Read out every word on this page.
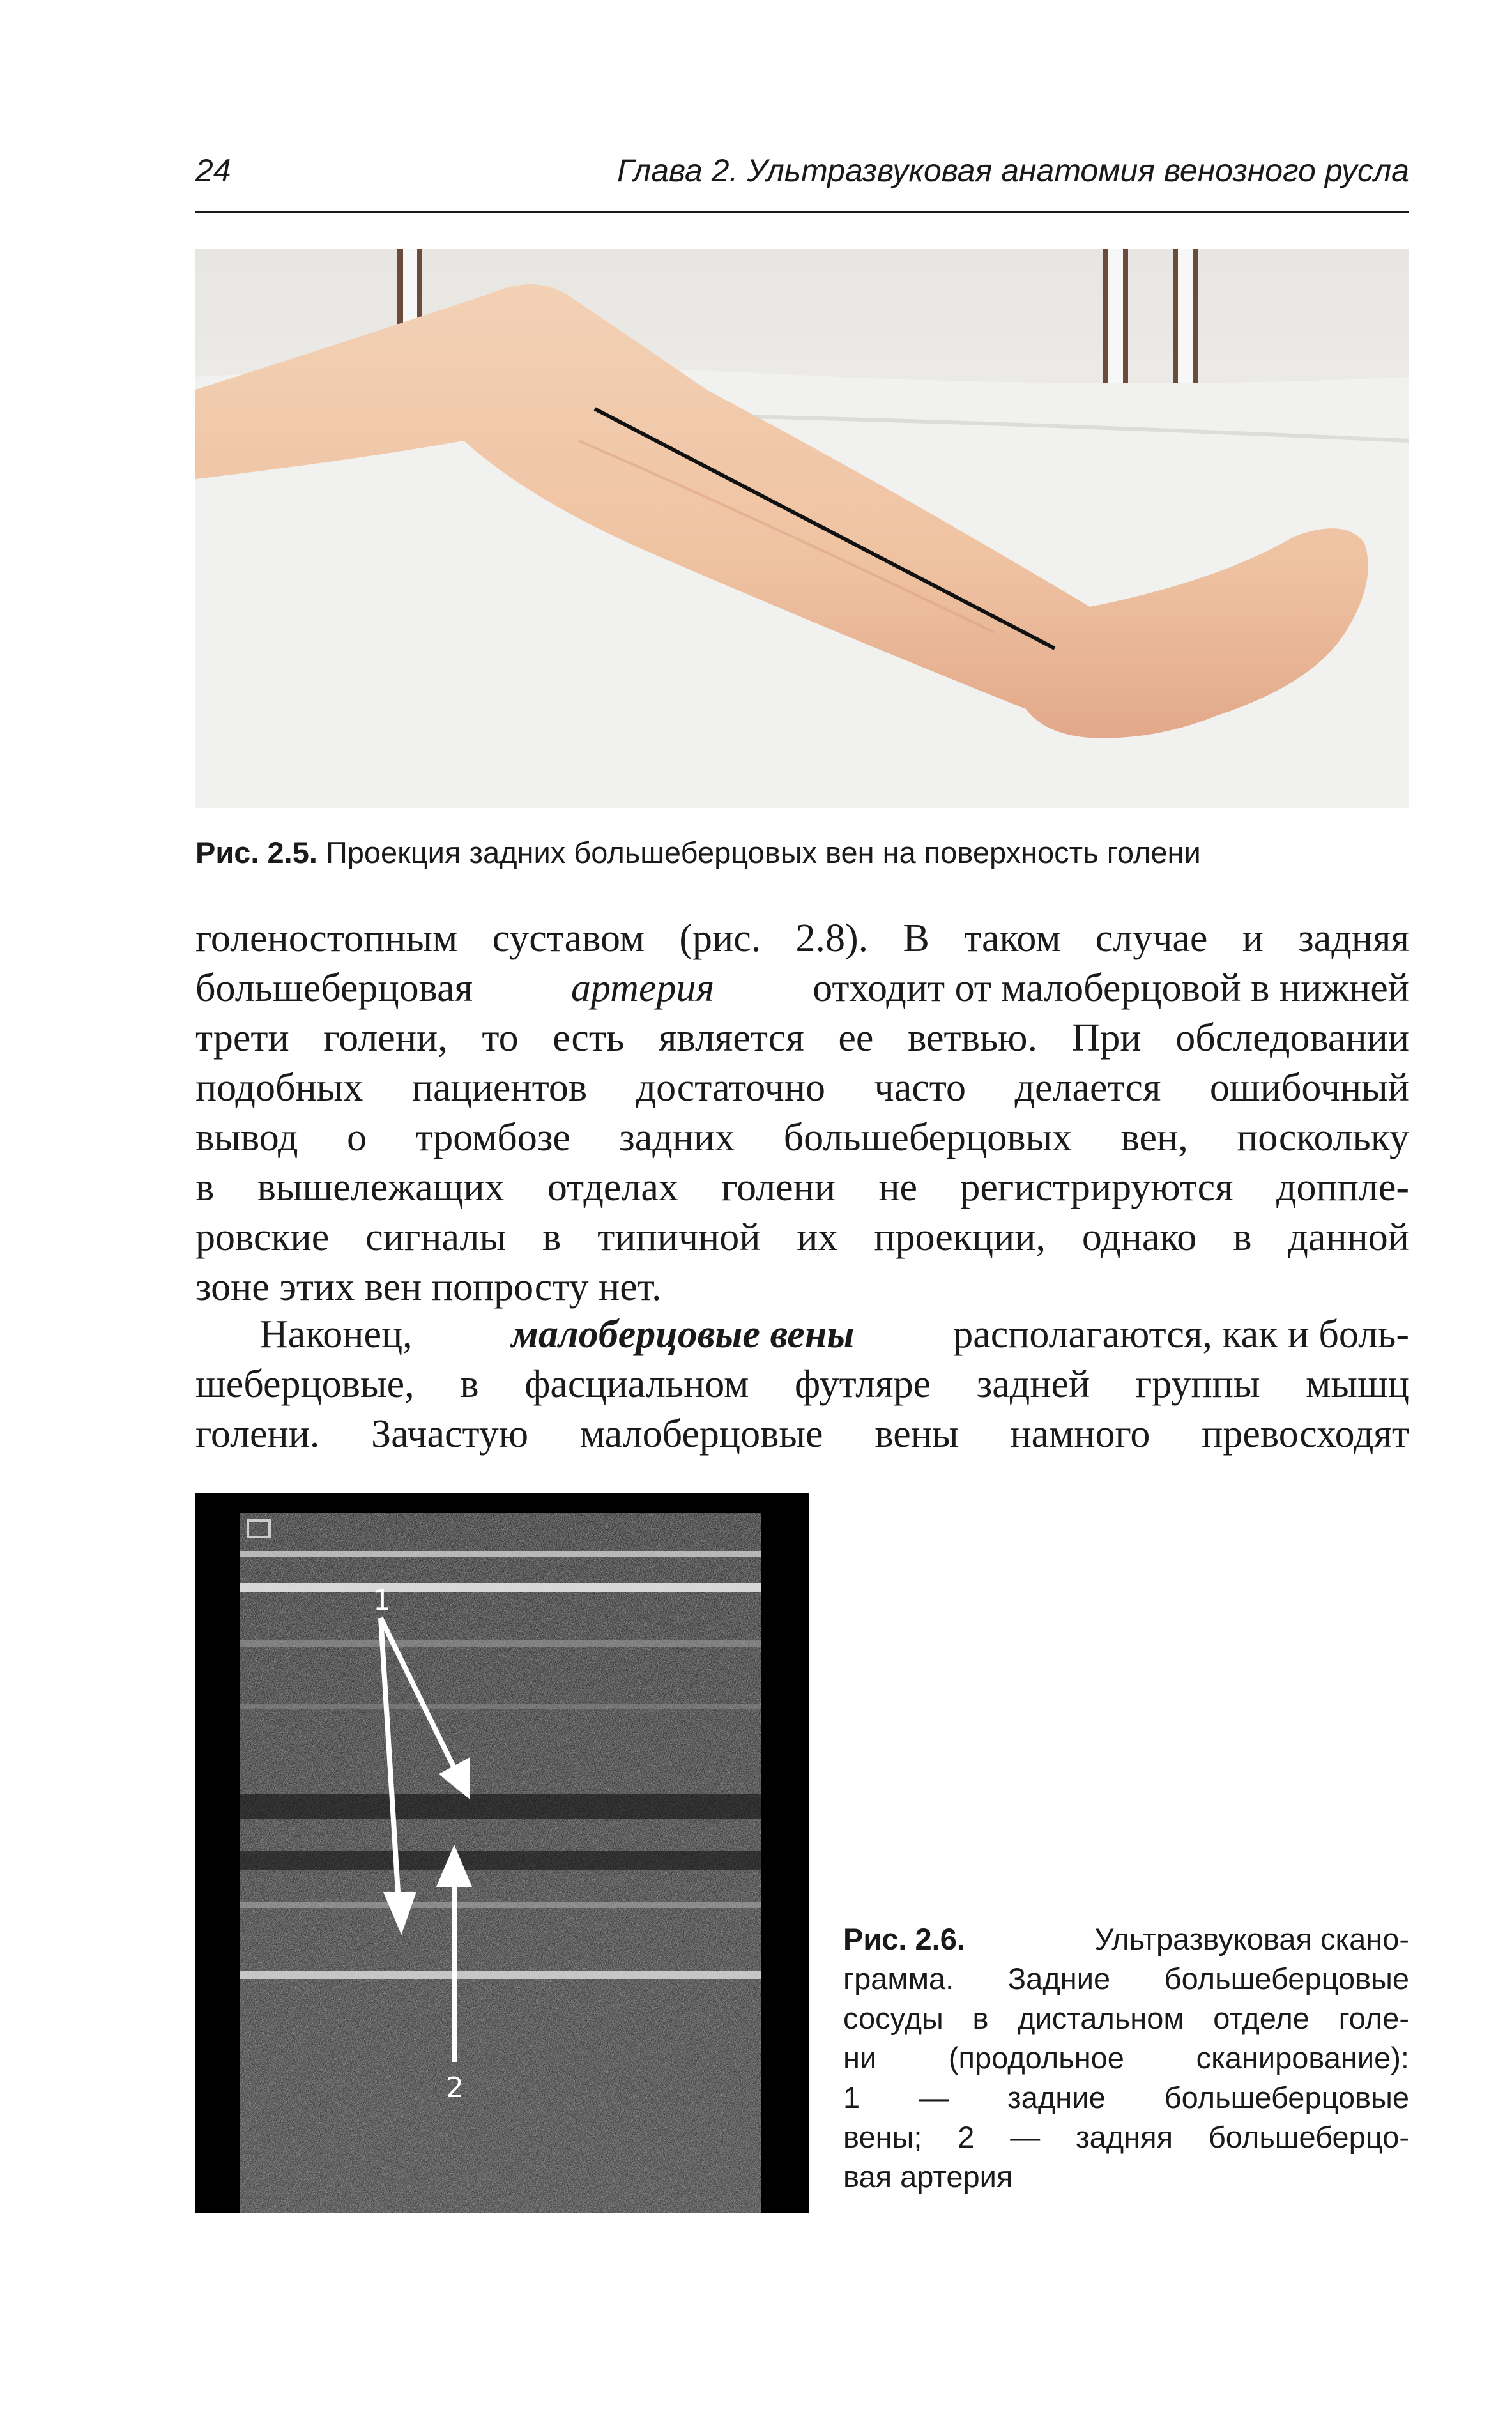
24	Глава 2. Ультразвуковая анатомия венозного русла
Рис. 2.5. Проекция задних большеберцовых вен на поверхность голени
голеностопным суставом (рис. 2.8). В таком случае и задняя
большеберцовая артерия отходит от малоберцовой в нижней
трети голени, то есть является ее ветвью. При обследовании
подобных пациентов достаточно часто делается ошибочный
вывод о тромбозе задних большеберцовых вен, поскольку
в вышележащих отделах голени не регистрируются доппле-
ровские сигналы в типичной их проекции, однако в данной
зоне этих вен попросту нет.
Наконец, малоберцовые вены располагаются, как и боль-
шеберцовые, в фасциальном футляре задней группы мышц
голени. Зачастую малоберцовые вены намного превосходят
1
2
Рис. 2.6.	Ультразвуковая скано-
грамма. Задние большеберцовые
сосуды в дистальном отделе голе-
ни (продольное сканирование):
1 — задние большеберцовые
вены; 2 — задняя большеберцо-
вая артерия
